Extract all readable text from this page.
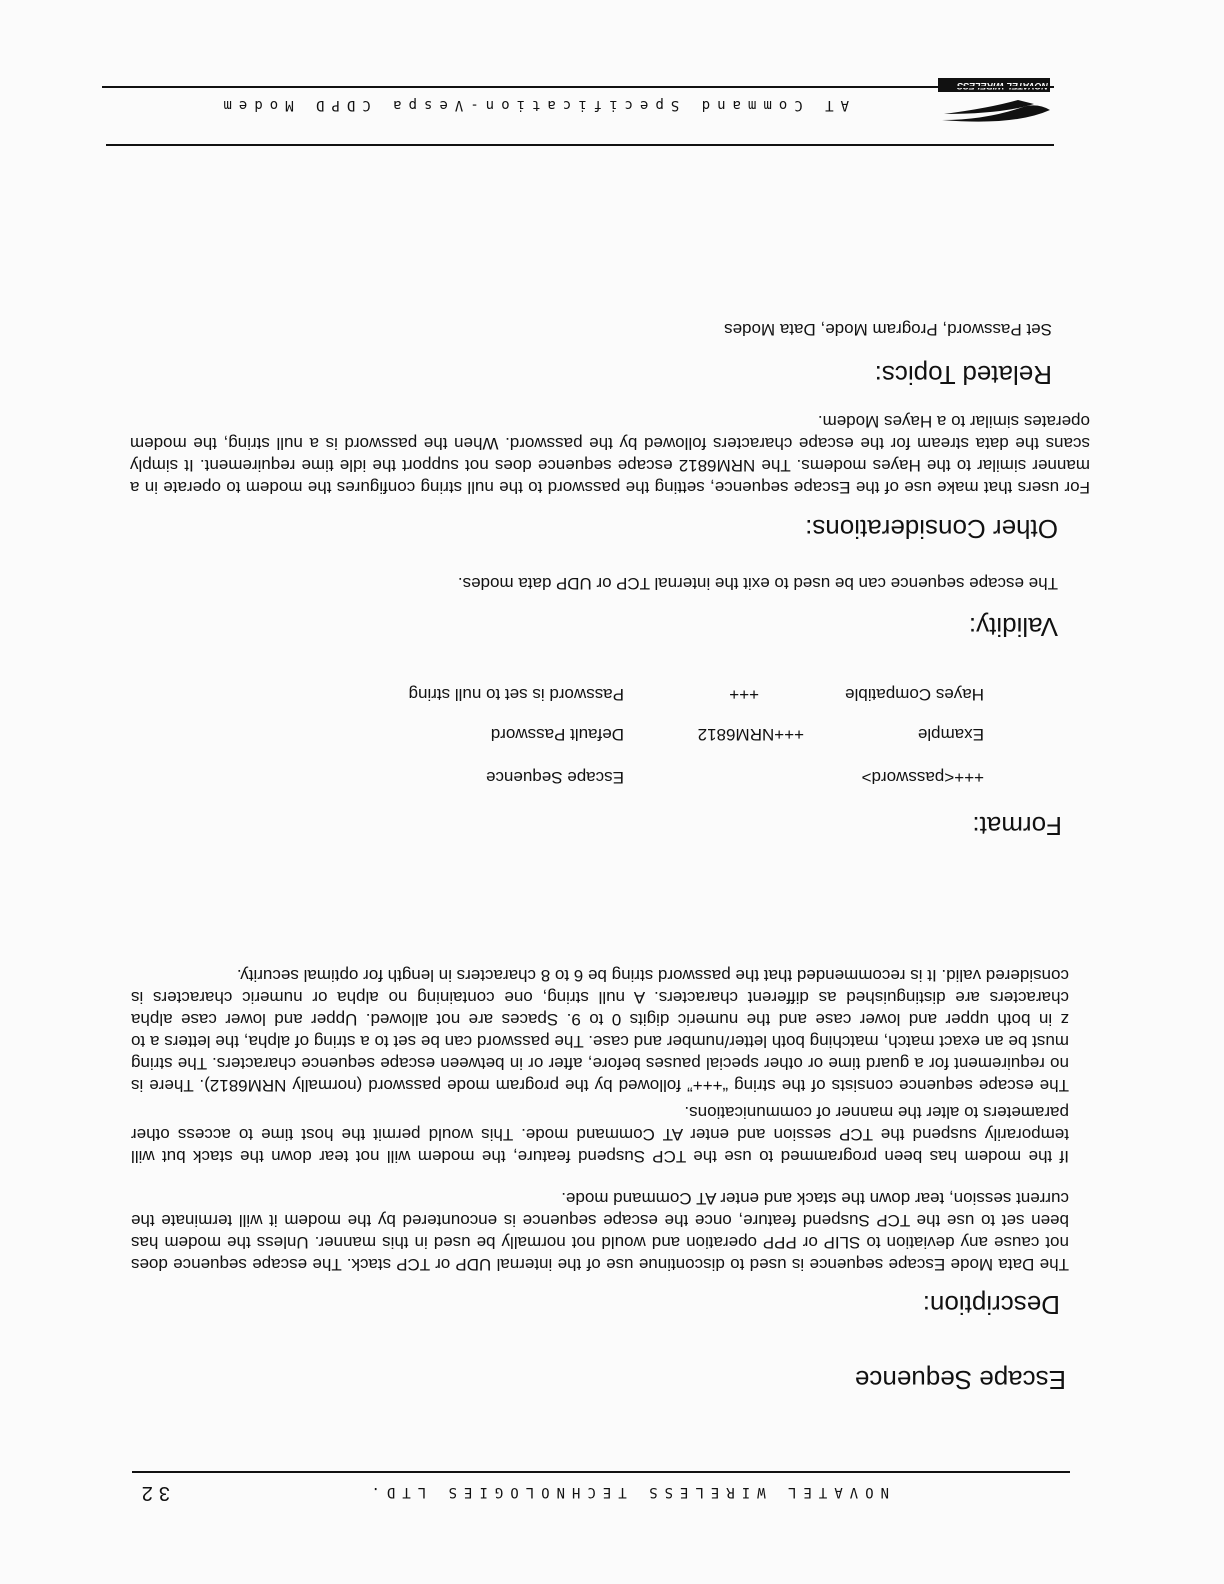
NOVATEL WIRELESS TECHNOLOGIES LTD.
32
Escape Sequence
Description:
The Data Mode Escape sequence is used to discontinue use of the internal UDP or TCP stack. The escape sequence does not cause any deviation to SLIP or PPP operation and would not normally be used in this manner. Unless the modem has been set to use the TCP Suspend feature, once the escape sequence is encountered by the modem it will terminate the current session, tear down the stack and enter AT Command mode.
If the modem has been programmed to use the TCP Suspend feature, the modem will not tear down the stack but will temporarily suspend the TCP session and enter AT Command mode. This would permit the host time to access other parameters to alter the manner of communications.
The escape sequence consists of the string “+++” followed by the program mode password (normally NRM6812). There is no requirement for a guard time or other special pauses before, after or in between escape sequence characters. The string must be an exact match, matching both letter/number and case. The password can be set to a string of alpha, the letters a to z in both upper and lower case and the numeric digits 0 to 9. Spaces are not allowed. Upper and lower case alpha characters are distinguished as different characters. A null string, one containing no alpha or numeric characters is considered valid. It is recommended that the password string be 6 to 8 characters in length for optimal security.
Format:
+++<password>
Escape Sequence
Example
+++NRM6812
Default Password
Hayes Compatible
+++
Password is set to null string
Validity:
The escape sequence can be used to exit the internal TCP or UDP data modes.
Other Considerations:
For users that make use of the Escape sequence, setting the password to the null string configures the modem to operate in a manner similar to the Hayes modems. The NRM6812 escape sequence does not support the idle time requirement. It simply scans the data stream for the escape characters followed by the password. When the password is a null string, the modem operates similar to a Hayes Modem.
Related Topics:
Set Password, Program Mode, Data Modes
AT Command Specification-Vespa CDPD Modem
